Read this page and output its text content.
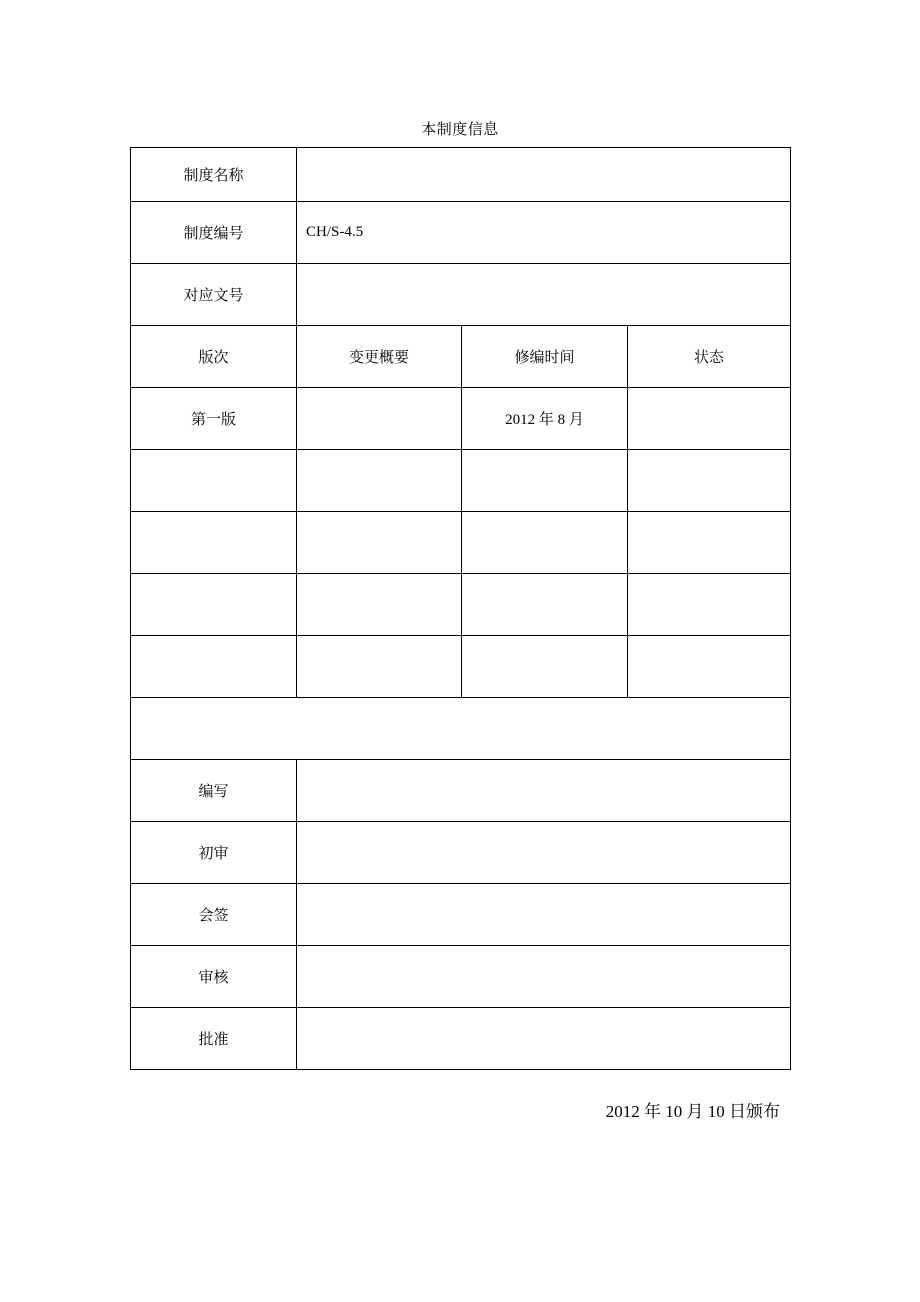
本制度信息
制度名称			
制度编号	CH/S-4.5		
对应文号			
版次	变更概要	修编时间	状态
第一版		2012 年 8 月	

编写			
初审			
会签			
审核			
批准			
2012 年 10 月 10 日颁布
